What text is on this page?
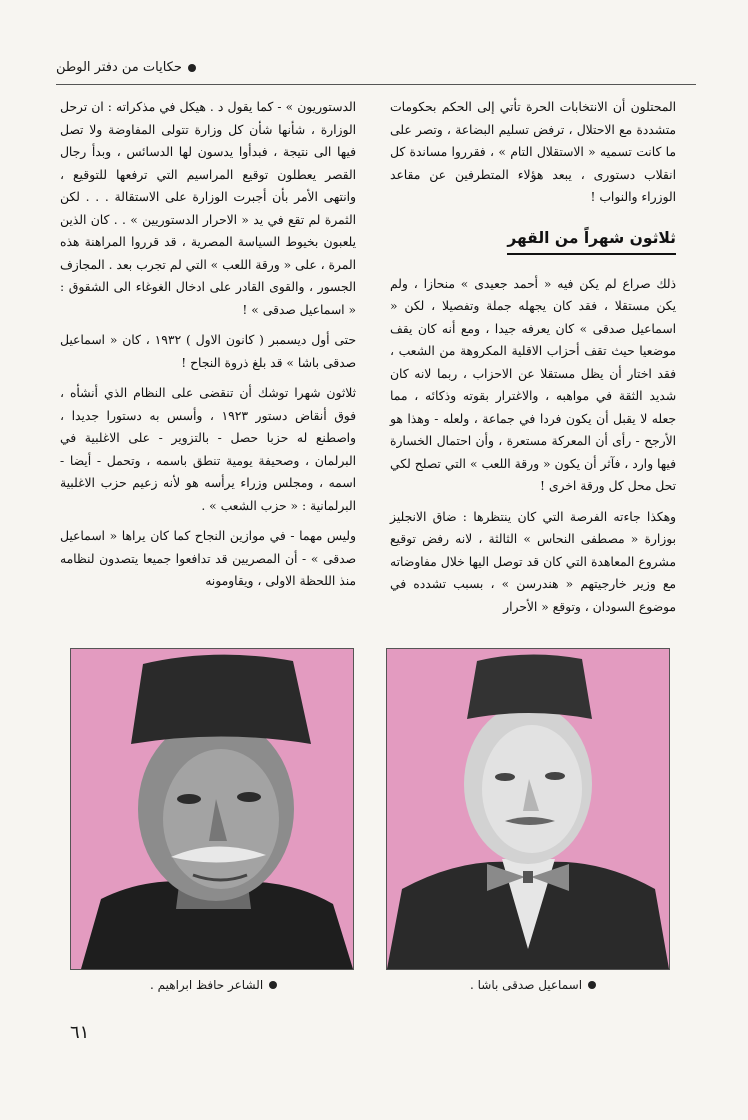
حكايات من دفتر الوطن

المحتلون أن الانتخابات الحرة تأتي إلى الحكم بحكومات متشددة مع الاحتلال ، ترفض تسليم البضاعة ، وتصر على ما كانت تسميه « الاستقلال التام » ، فقرروا مساندة كل انقلاب دستورى ، يبعد هؤلاء المتطرفين عن مقاعد الوزراء والنواب !

ثلاثون شهراً من القهر

ذلك صراع لم يكن فيه « أحمد جعيدى » منحازا ، ولم يكن مستقلا ، فقد كان يجهله جملة وتفصيلا ، لكن « اسماعيل صدقى » كان يعرفه جيدا ، ومع أنه كان يقف موضعيا حيث تقف أحزاب الاقلية المكروهة من الشعب ، فقد اختار أن يظل مستقلا عن الاحزاب ، ربما لانه كان شديد الثقة في مواهبه ، والاغترار بقوته وذكائه ، مما جعله لا يقبل أن يكون فردا في جماعة ، ولعله - وهذا هو الأرجح - رأى أن المعركة مستعرة ، وأن احتمال الخسارة فيها وارد ، فآثر أن يكون « ورقة اللعب » التي تصلح لكي تحل محل كل ورقة اخرى !

وهكذا جاءته الفرصة التي كان ينتظرها : ضاق الانجليز بوزارة « مصطفى النحاس » الثالثة ، لانه رفض توقيع مشروع المعاهدة التي كان قد توصل اليها خلال مفاوضاته مع وزير خارجيتهم « هندرسن » ، بسبب تشدده في موضوع السودان ، وتوقع « الأحرار

الدستوريون » - كما يقول د . هيكل في مذكراته : ان ترحل الوزارة ، شأنها شأن كل وزارة تتولى المفاوضة ولا تصل فيها الى نتيجة ، فبدأوا يدسون لها الدسائس ، وبدأ رجال القصر يعطلون توقيع المراسيم التي ترفعها للتوقيع ، وانتهى الأمر بأن أجبرت الوزارة على الاستقالة . . . لكن الثمرة لم تقع في يد « الاحرار الدستوريين » . . كان الذين يلعبون بخيوط السياسة المصرية ، قد قرروا المراهنة هذه المرة ، على « ورقة اللعب » التي لم تجرب بعد . المجازف الجسور ، والقوى القادر على ادخال الغوغاء الى الشقوق : « اسماعيل صدقى » !

حتى أول ديسمبر ( كانون الاول ) ١٩٣٢ ، كان « اسماعيل صدقى باشا » قد بلغ ذروة النجاح !

ثلاثون شهرا توشك أن تنقضى على النظام الذي أنشأه ، فوق أنقاض دستور ١٩٢٣ ، وأسس به دستورا جديدا ، واصطنع له حزبا حصل - بالتزوير - على الاغلبية في البرلمان ، وصحيفة يومية تنطق باسمه ، وتحمل - أيضا - اسمه ، ومجلس وزراء يرأسه هو لأنه زعيم حزب الاغلبية البرلمانية : « حزب الشعب » .

وليس مهما - في موازين النجاح كما كان يراها « اسماعيل صدقى » - أن المصريين قد تدافعوا جميعا يتصدون لنظامه منذ اللحظة الاولى ، ويقاومونه

الشاعر حافظ ابراهيم .	اسماعيل صدقى باشا .
٦١
